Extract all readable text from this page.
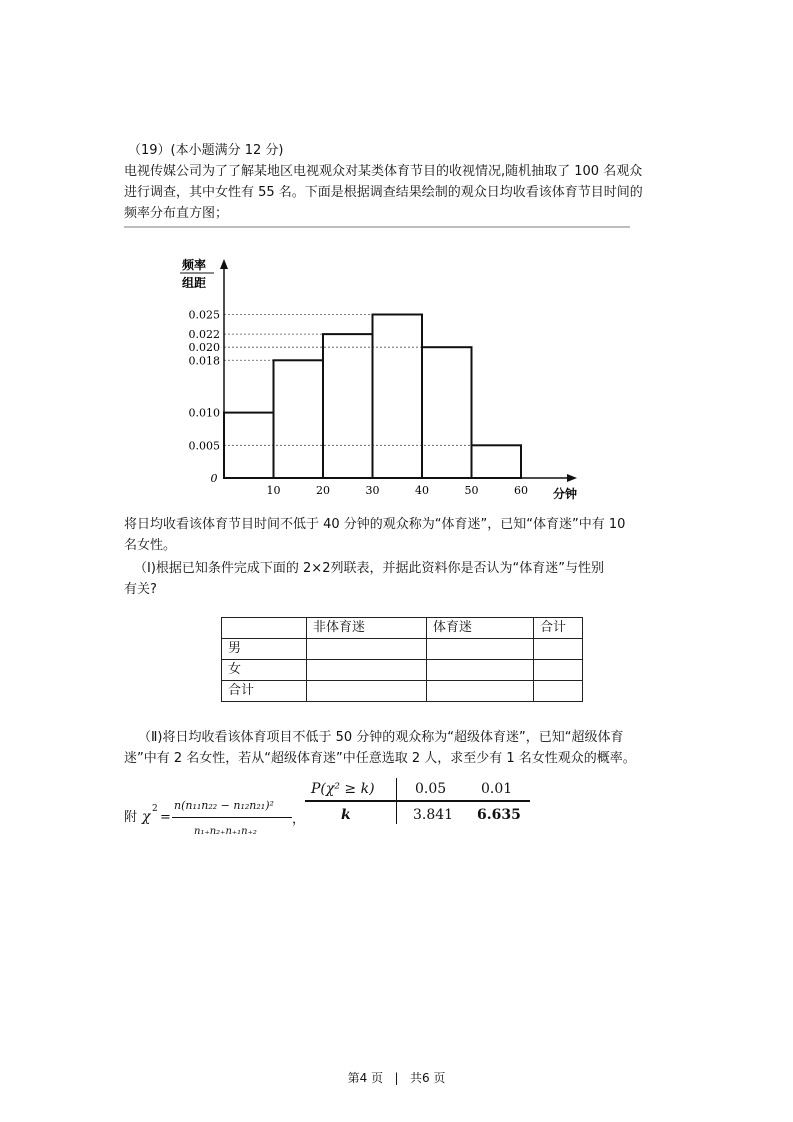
（19）(本小题满分 12 分)
电视传媒公司为了了解某地区电视观众对某类体育节目的收视情况,随机抽取了 100 名观众
进行调查，其中女性有 55 名。下面是根据调查结果绘制的观众日均收看该体育节目时间的
频率分布直方图；
0.005
0.010
0.018
0.020
0.022
0.025
10	20	30	40	50	60
0
分钟
频率
组距
将日均收看该体育节目时间不低于 40 分钟的观众称为“体育迷”，已知“体育迷”中有 10
名女性。
（Ⅰ)根据已知条件完成下面的 2×2列联表，并据此资料你是否认为“体育迷”与性别
有关?
	非体育迷	体育迷	合计
男			
女			
合计			
（Ⅱ)将日均收看该体育项目不低于 50 分钟的观众称为“超级体育迷”，已知“超级体育
迷”中有 2 名女性，若从“超级体育迷”中任意选取 2 人，求至少有 1 名女性观众的概率。
附 χ 2
=
n(n₁₁n₂₂ − n₁₂n₂₁)²
n₁₊n₂₊n₊₁n₊₂
，
P(χ² ≥ k)	0.05 0.01
k	3.841 6.635
第4 页 | 共6 页
